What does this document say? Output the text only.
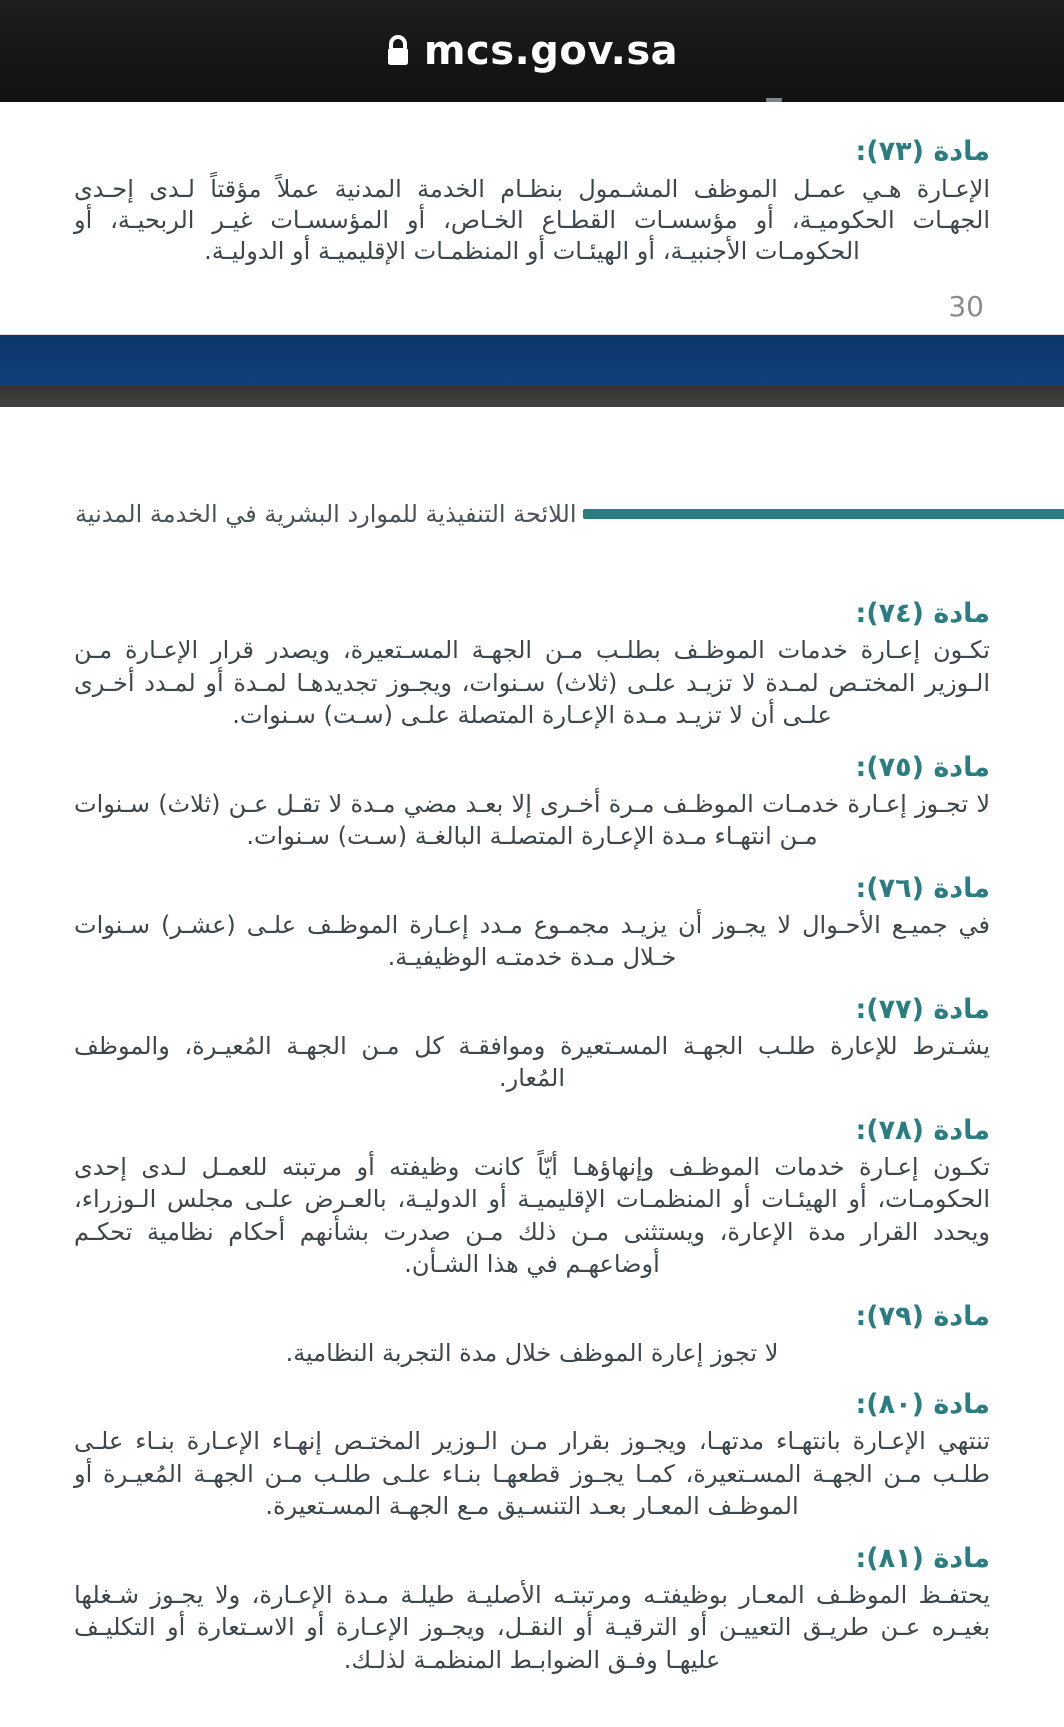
mcs.gov.sa
مادة (٧٣):
الإعـارة هـي عمـل الموظف المشـمول بنظـام الخدمة المدنية عملاً مؤقتاً لـدى إحـدى الجهـات الحكوميـة، أو مؤسسـات القطـاع الخـاص، أو المؤسسـات غيـر الربحيـة، أو الحكومـات الأجنبيـة، أو الهيئـات أو المنظمـات الإقليميـة أو الدوليـة.
30
اللائحة التنفيذية للموارد البشرية في الخدمة المدنية
مادة (٧٤):
تكـون إعـارة خدمات الموظـف بطلـب مـن الجهـة المسـتعيرة، ويصدر قرار الإعـارة مـن الـوزير المختـص لمـدة لا تزيـد علـى (ثلاث) سـنوات، ويجـوز تجديدهـا لمـدة أو لمـدد أخـرى علـى أن لا تزيـد مـدة الإعـارة المتصلة علـى (سـت) سـنوات.
مادة (٧٥):
لا تجـوز إعـارة خدمـات الموظـف مـرة أخـرى إلا بعـد مضي مـدة لا تقـل عـن (ثلاث) سـنوات مـن انتهـاء مـدة الإعـارة المتصلـة البالغـة (سـت) سـنوات.
مادة (٧٦):
في جميـع الأحـوال لا يجـوز أن يزيـد مجمـوع مـدد إعـارة الموظـف علـى (عشـر) سـنوات خـلال مـدة خدمتـه الوظيفيـة.
مادة (٧٧):
يشـترط للإعارة طلـب الجهـة المسـتعيرة وموافقـة كل مـن الجهـة المُعيـرة، والموظف المُعار.
مادة (٧٨):
تكـون إعـارة خدمات الموظـف وإنهاؤهـا أيّاً كانت وظيفته أو مرتبته للعمـل لـدى إحدى الحكومـات، أو الهيئـات أو المنظمـات الإقليميـة أو الدوليـة، بالعـرض علـى مجلس الـوزراء، ويحدد القرار مدة الإعارة، ويستثنى مـن ذلك مـن صدرت بشأنهم أحكام نظامية تحكـم أوضاعهـم في هذا الشـأن.
مادة (٧٩):
لا تجوز إعارة الموظف خلال مدة التجربة النظامية.
مادة (٨٠):
تنتهي الإعـارة بانتهـاء مدتهـا، ويجـوز بقرار مـن الـوزير المختـص إنهـاء الإعـارة بنـاء علـى طلـب مـن الجهـة المسـتعيرة، كمـا يجـوز قطعهـا بنـاء علـى طلـب مـن الجهـة المُعيـرة أو الموظـف المعـار بعـد التنسـيق مـع الجهـة المسـتعيرة.
مادة (٨١):
يحتفـظ الموظـف المعـار بوظيفتـه ومرتبتـه الأصليـة طيلـة مـدة الإعـارة، ولا يجـوز شـغلها بغيـره عـن طريـق التعييـن أو الترقيـة أو النقـل، ويجـوز الإعـارة أو الاسـتعارة أو التكليـف عليهـا وفـق الضوابـط المنظمـة لذلـك.
